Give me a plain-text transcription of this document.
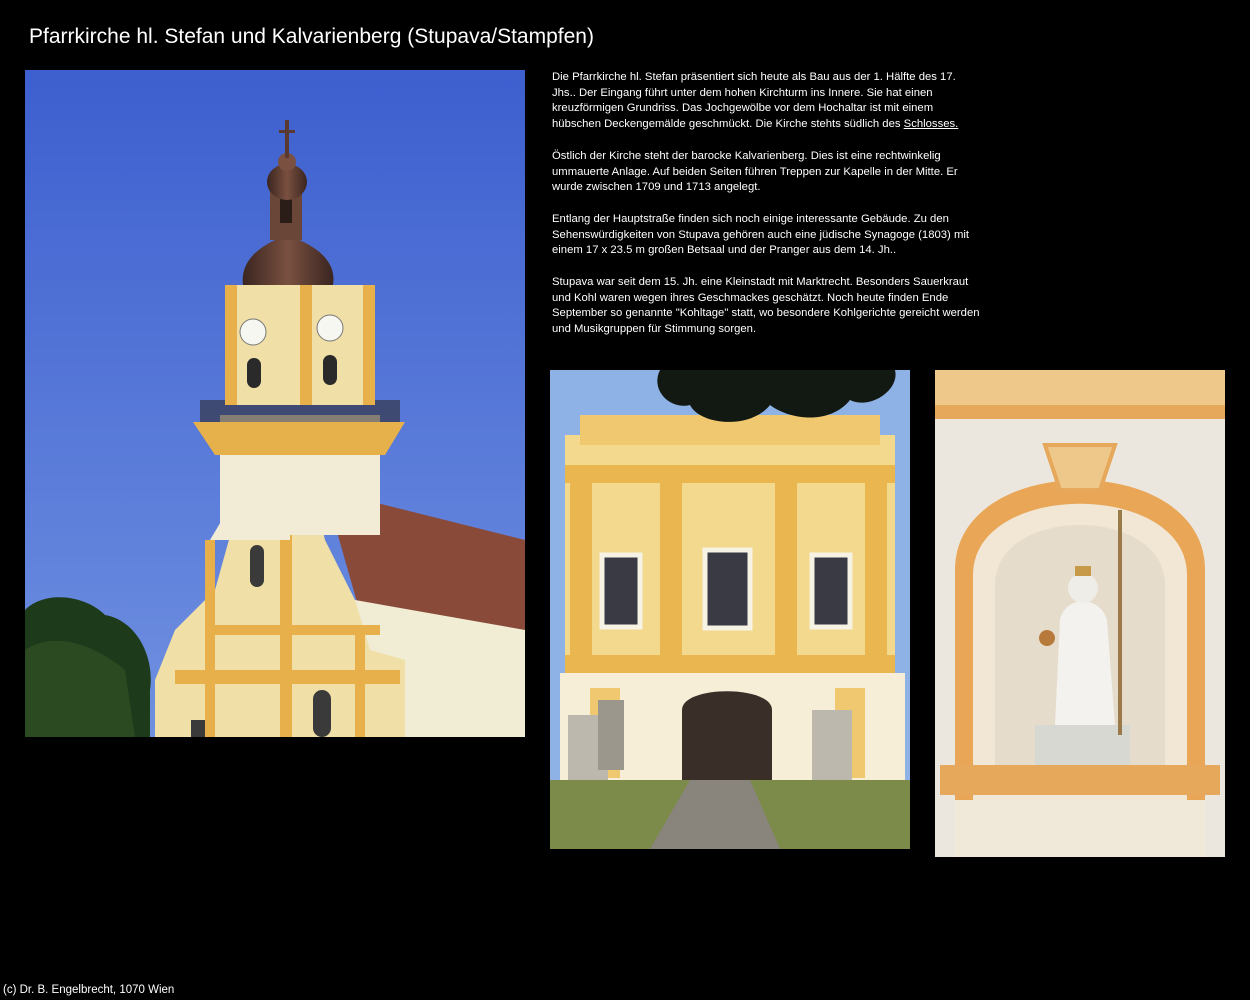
Pfarrkirche hl. Stefan und Kalvarienberg (Stupava/Stampfen)

Die Pfarrkirche hl. Stefan präsentiert sich heute als Bau aus der 1. Hälfte des 17. Jhs.. Der Eingang führt unter dem hohen Kirchturm ins Innere. Sie hat einen kreuzförmigen Grundriss. Das Jochgewölbe vor dem Hochaltar ist mit einem hübschen Deckengemälde geschmückt. Die Kirche stehts südlich des Schlosses.

Östlich der Kirche steht der barocke Kalvarienberg. Dies ist eine rechtwinkelig ummauerte Anlage. Auf beiden Seiten führen Treppen zur Kapelle in der Mitte. Er wurde zwischen 1709 und 1713 angelegt.

Entlang der Hauptstraße finden sich noch einige interessante Gebäude. Zu den Sehenswürdigkeiten von Stupava gehören auch eine jüdische Synagoge (1803) mit einem 17 x 23.5 m großen Betsaal und der Pranger aus dem 14. Jh..

Stupava war seit dem 15. Jh. eine Kleinstadt mit Marktrecht. Besonders Sauerkraut und Kohl waren wegen ihres Geschmackes geschätzt. Noch heute finden Ende September so genannte "Kohltage" statt, wo besondere Kohlgerichte gereicht werden und Musikgruppen für Stimmung sorgen.

(c) Dr. B. Engelbrecht, 1070 Wien
